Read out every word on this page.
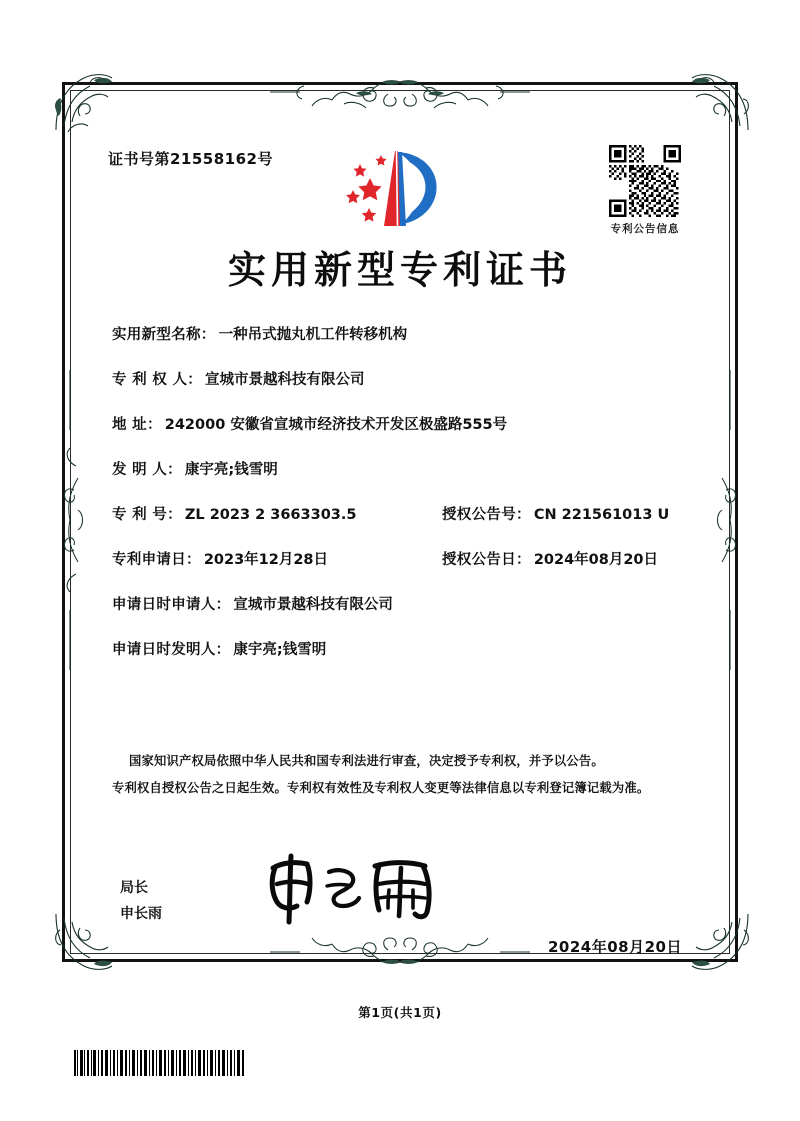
证书号第21558162号
专利公告信息
实用新型专利证书
实用新型名称： 一种吊式抛丸机工件转移机构
专 利 权 人： 宣城市景越科技有限公司
地 址： 242000 安徽省宣城市经济技术开发区极盛路555号
发 明 人： 康宇亮;钱雪明
专 利 号： ZL 2023 2 3663303.5	授权公告号： CN 221561013 U
专利申请日： 2023年12月28日	授权公告日： 2024年08月20日
申请日时申请人： 宣城市景越科技有限公司
申请日时发明人： 康宇亮;钱雪明
国家知识产权局依照中华人民共和国专利法进行审查，决定授予专利权，并予以公告。
专利权自授权公告之日起生效。专利权有效性及专利权人变更等法律信息以专利登记簿记载为准。
局长
申长雨
2024年08月20日
第1页(共1页)
